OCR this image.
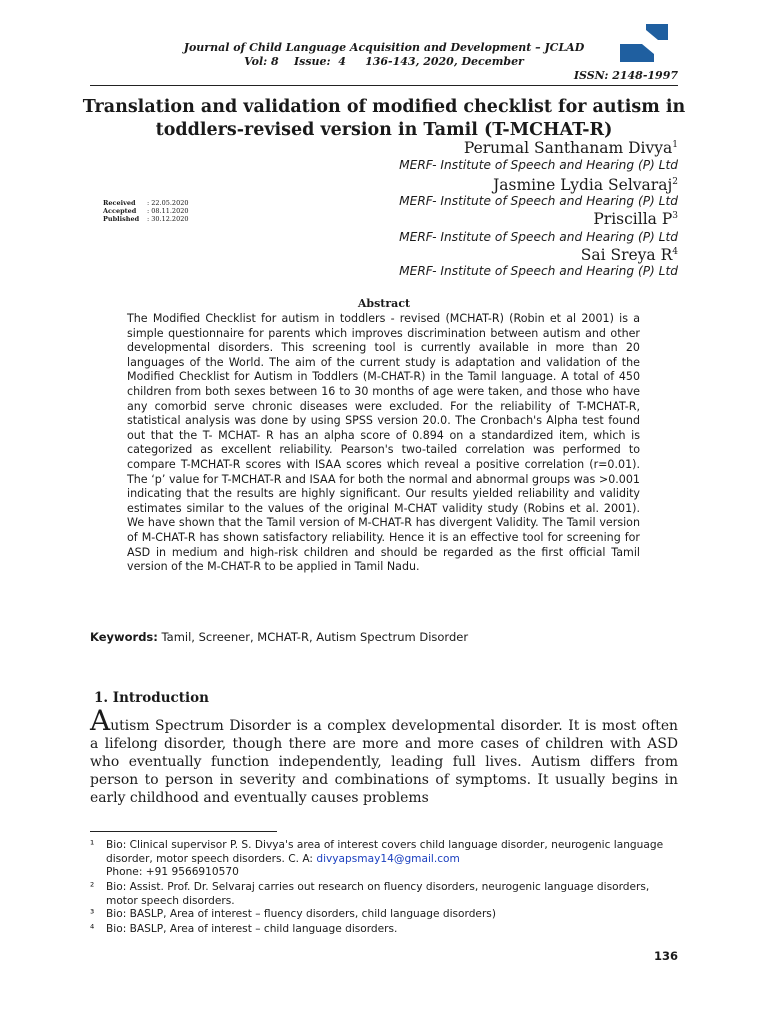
Journal of Child Language Acquisition and Development – JCLAD
Vol: 8    Issue:  4     136-143, 2020, December
ISSN: 2148-1997
Translation and validation of modified checklist for autism in toddlers-revised version in Tamil (T-MCHAT-R)
Perumal Santhanam Divya$^1$
MERF- Institute of Speech and Hearing (P) Ltd
Jasmine Lydia Selvaraj$^2$
MERF- Institute of Speech and Hearing (P) Ltd
Priscilla $P^3$
MERF- Institute of Speech and Hearing (P) Ltd
Sai Sreya $R^4$
MERF- Institute of Speech and Hearing (P) Ltd
Received	: 22.05.2020
Accepted	: 08.11.2020
Published	: 30.12.2020
Abstract
The Modified Checklist for autism in toddlers - revised (MCHAT-R) (Robin et al 2001) is a simple questionnaire for parents which improves discrimination between autism and other developmental disorders. This screening tool is currently available in more than 20 languages of the World. The aim of the current study is adaptation and validation of the Modified Checklist for Autism in Toddlers (M-CHAT-R) in the Tamil language. A total of 450 children from both sexes between 16 to 30 months of age were taken, and those who have any comorbid serve chronic diseases were excluded. For the reliability of T-MCHAT-R, statistical analysis was done by using SPSS version 20.0. The Cronbach's Alpha test found out that the T- MCHAT- R has an alpha score of 0.894 on a standardized item, which is categorized as excellent reliability. Pearson's two-tailed correlation was performed to compare T-MCHAT-R scores with ISAA scores which reveal a positive correlation (r=0.01). The ‘p’ value for T-MCHAT-R and ISAA for both the normal and abnormal groups was >0.001 indicating that the results are highly significant. Our results yielded reliability and validity estimates similar to the values of the original M-CHAT validity study (Robins et al. 2001). We have shown that the Tamil version of M-CHAT-R has divergent Validity. The Tamil version of M-CHAT-R has shown satisfactory reliability. Hence it is an effective tool for screening for ASD in medium and high-risk children and should be regarded as the first official Tamil version of the M-CHAT-R to be applied in Tamil Nadu.
Keywords: Tamil, Screener, MCHAT-R, Autism Spectrum Disorder
1. Introduction
Autism Spectrum Disorder is a complex developmental disorder. It is most often a lifelong disorder, though there are more and more cases of children with ASD who eventually function independently, leading full lives. Autism differs from person to person in severity and combinations of symptoms. It usually begins in early childhood and eventually causes problems
¹ Bio: Clinical supervisor P. S. Divya's area of interest covers child language disorder, neurogenic language disorder, motor speech disorders. C. A: divyapsmay14@gmail.com
Phone: +91 9566910570
² Bio: Assist. Prof. Dr. Selvaraj carries out research on fluency disorders, neurogenic language disorders, motor speech disorders.
³ Bio: BASLP, Area of interest – fluency disorders, child language disorders)
⁴ Bio: BASLP, Area of interest – child language disorders.
136
